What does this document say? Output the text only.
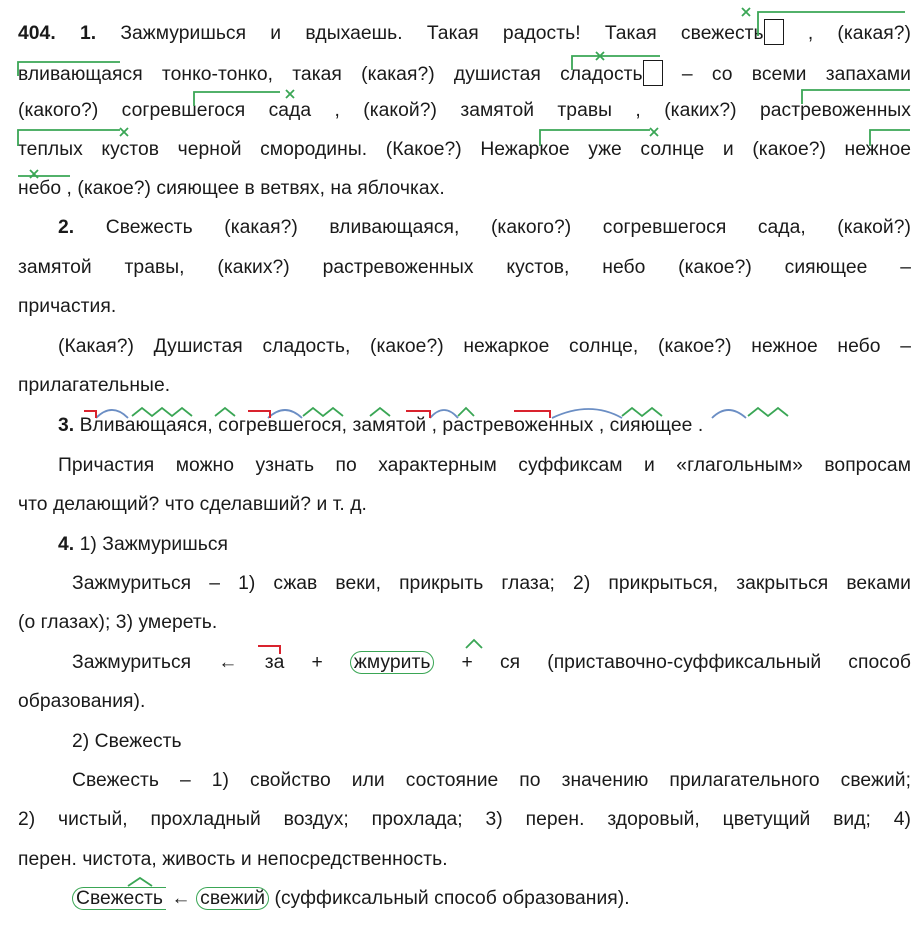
404. 1. Зажмуришься и вдыхаешь. Такая радость! Такая свежесть , (какая?)
вливающаяся тонко-тонко, такая (какая?) душистая сладость – со всеми запахами
(какого?) согревшегося сада , (какой?) замятой травы , (каких?) растревоженных
теплых кустов черной смородины. (Какое?) Нежаркое уже солнце и (какое?) нежное
небо , (какое?) сияющее в ветвях, на яблочках.
2. Свежесть (какая?) вливающаяся, (какого?) согревшегося сада, (какой?)
замятой травы, (каких?) растревоженных кустов, небо (какое?) сияющее –
причастия.
(Какая?) Душистая сладость, (какое?) нежаркое солнце, (какое?) нежное небо –
прилагательные.
3. Вливающаяся, согревшегося, замятой , растревоженных , сияющее .
Причастия можно узнать по характерным суффиксам и «глагольным» вопросам
что делающий? что сделавший? и т. д.
4. 1) Зажмуришься
Зажмуриться – 1) сжав веки, прикрыть глаза; 2) прикрыться, закрыться веками
(о глазах); 3) умереть.
Зажмуриться ← за + жмурить + ся (приставочно-суффиксальный способ
образования).
2) Свежесть
Свежесть – 1) свойство или состояние по значению прилагательного свежий;
2) чистый, прохладный воздух; прохлада; 3) перен. здоровый, цветущий вид; 4)
перен. чистота, живость и непосредственность.
Свежесть ← свежий (суффиксальный способ образования).
